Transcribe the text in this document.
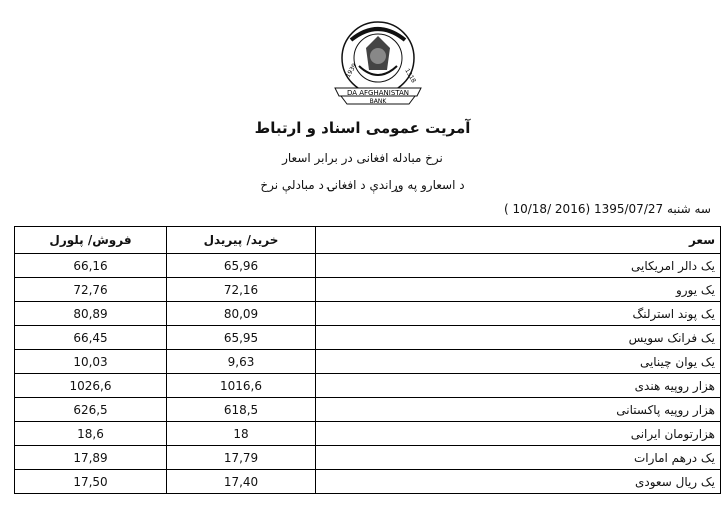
1939	1318
DA AFGHANISTAN
BANK
آمریت عمومی اسناد و ارتباط
نرخ مبادله افغانی در برابر اسعار
د اسعارو په وړاندې د افغانۍ د مبادلې نرخ
سه شنبه 1395/07/27 (2016 /10/18 )
سعر	خرید/ پیریدل	فروش/ پلورل
یک دالر امریکایی	65,96	66,16
یک یورو	72,16	72,76
یک پوند استرلنگ	80,09	80,89
یک فرانک سویس	65,95	66,45
یک یوان چینایی	9,63	10,03
هزار روپیه هندی	1016,6	1026,6
هزار روپیه پاکستانی	618,5	626,5
هزارتومان ایرانی	18	18,6
یک درهم امارات	17,79	17,89
یک ریال سعودی	17,40	17,50
